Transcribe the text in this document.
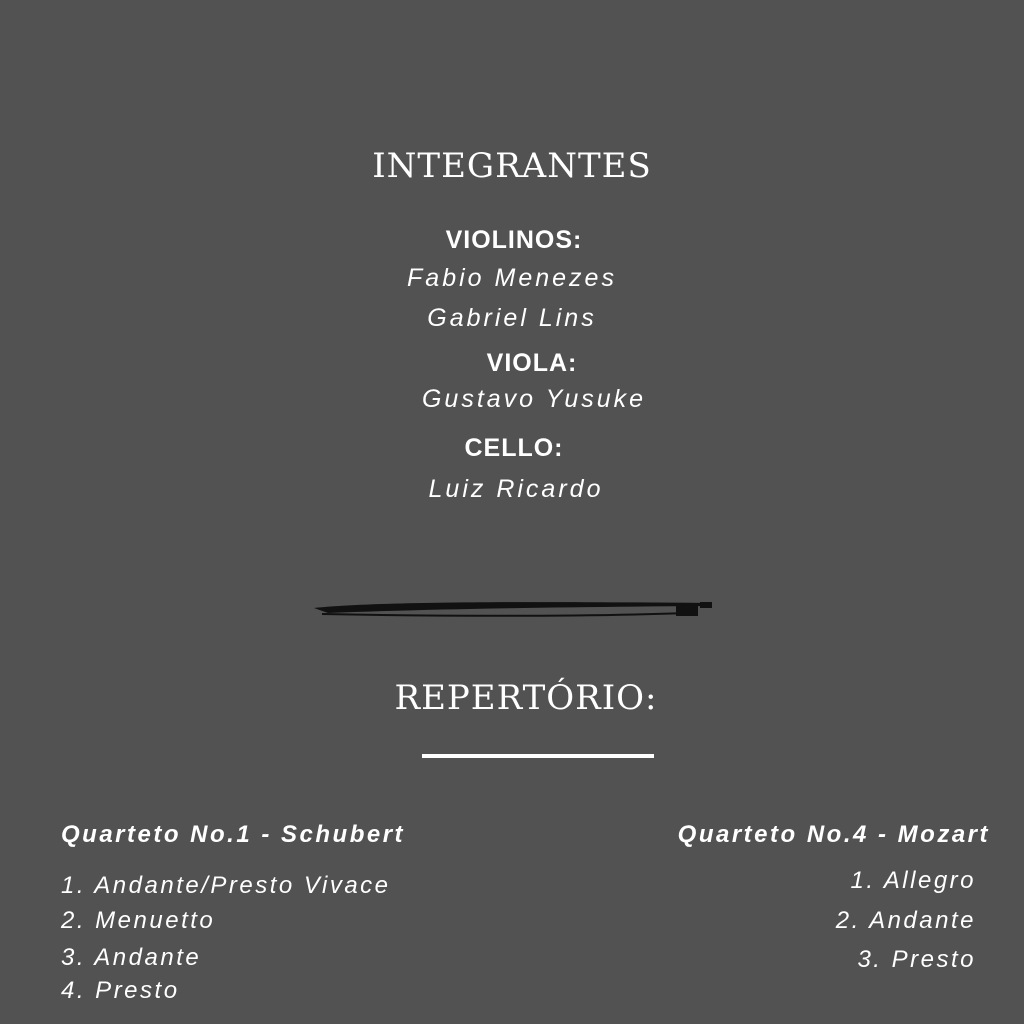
INTEGRANTES
VIOLINOS:
Fabio Menezes
Gabriel Lins
VIOLA:
Gustavo Yusuke
CELLO:
Luiz Ricardo
REPERTÓRIO:
Quarteto No.1 - Schubert
1. Andante/Presto Vivace
2. Menuetto
3. Andante
4. Presto
Quarteto No.4 - Mozart
1. Allegro
2. Andante
3. Presto
